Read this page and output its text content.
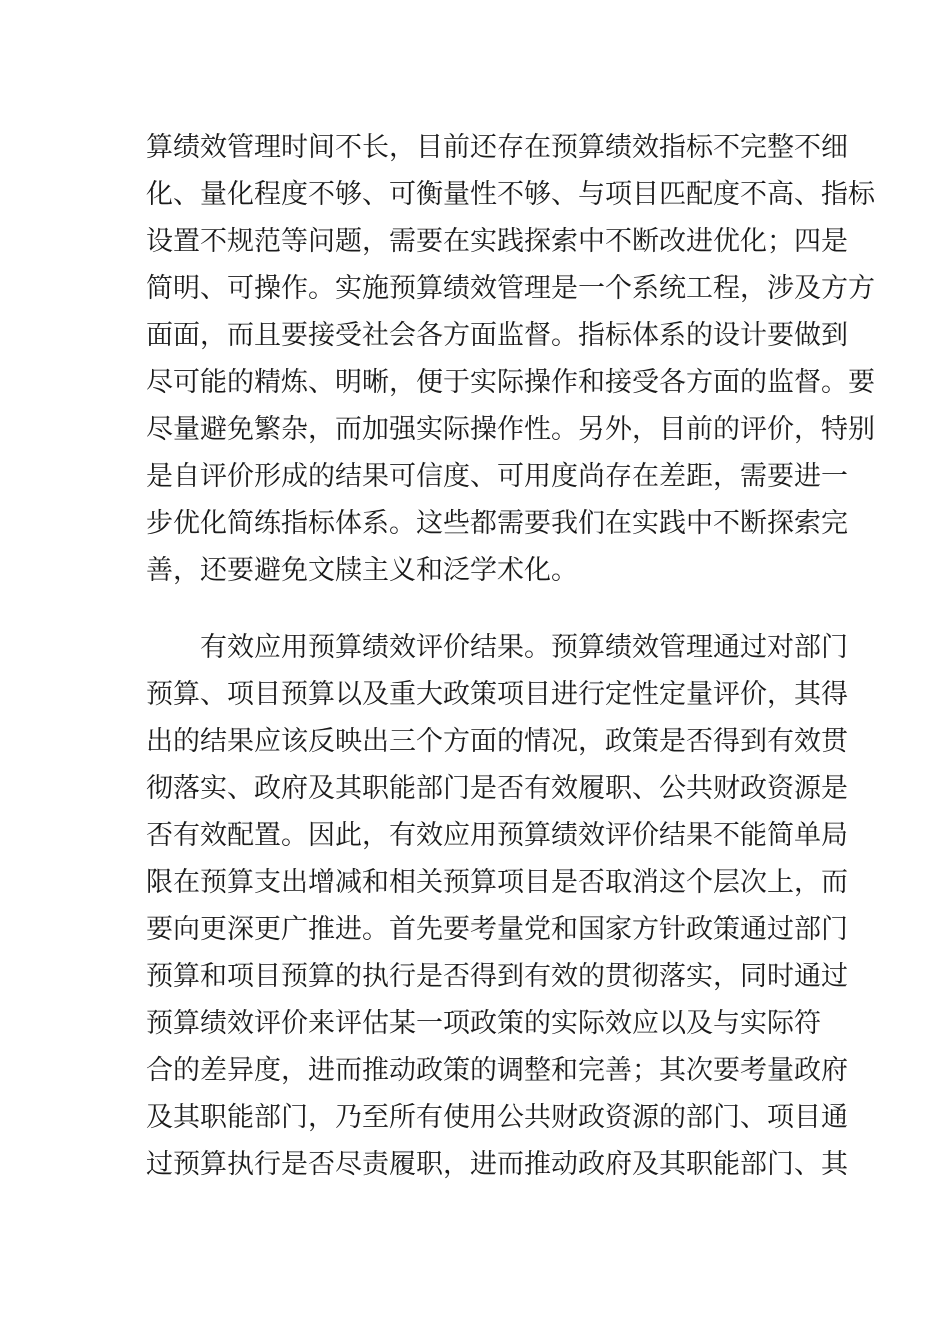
算绩效管理时间不长，目前还存在预算绩效指标不完整不细
化、量化程度不够、可衡量性不够、与项目匹配度不高、指标
设置不规范等问题，需要在实践探索中不断改进优化；四是
简明、可操作。实施预算绩效管理是一个系统工程，涉及方方
面面，而且要接受社会各方面监督。指标体系的设计要做到
尽可能的精炼、明晰，便于实际操作和接受各方面的监督。要
尽量避免繁杂，而加强实际操作性。另外，目前的评价，特别
是自评价形成的结果可信度、可用度尚存在差距，需要进一
步优化简练指标体系。这些都需要我们在实践中不断探索完
善，还要避免文牍主义和泛学术化。
有效应用预算绩效评价结果。预算绩效管理通过对部门
预算、项目预算以及重大政策项目进行定性定量评价，其得
出的结果应该反映出三个方面的情况，政策是否得到有效贯
彻落实、政府及其职能部门是否有效履职、公共财政资源是
否有效配置。因此，有效应用预算绩效评价结果不能简单局
限在预算支出增减和相关预算项目是否取消这个层次上，而
要向更深更广推进。首先要考量党和国家方针政策通过部门
预算和项目预算的执行是否得到有效的贯彻落实，同时通过
预算绩效评价来评估某一项政策的实际效应以及与实际符
合的差异度，进而推动政策的调整和完善；其次要考量政府
及其职能部门，乃至所有使用公共财政资源的部门、项目通
过预算执行是否尽责履职，进而推动政府及其职能部门、其
